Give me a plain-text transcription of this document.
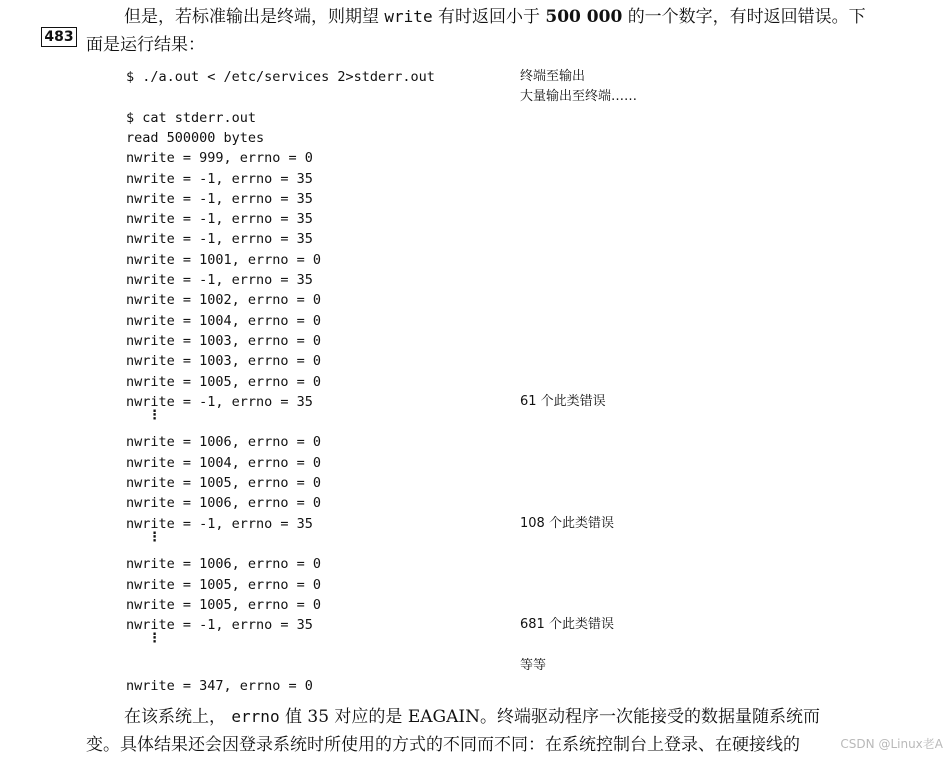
但是，若标准输出是终端，则期望 write 有时返回小于 500 000 的一个数字，有时返回错误。下
483 面是运行结果：
$ ./a.out < /etc/services 2>stderr.out	终端至输出
大量输出至终端……
$ cat stderr.out
read 500000 bytes
nwrite = 999, errno = 0
nwrite = -1, errno = 35
nwrite = -1, errno = 35
nwrite = -1, errno = 35
nwrite = -1, errno = 35
nwrite = 1001, errno = 0
nwrite = -1, errno = 35
nwrite = 1002, errno = 0
nwrite = 1004, errno = 0
nwrite = 1003, errno = 0
nwrite = 1003, errno = 0
nwrite = 1005, errno = 0
nwrite = -1, errno = 35	61 个此类错误
⋮
nwrite = 1006, errno = 0
nwrite = 1004, errno = 0
nwrite = 1005, errno = 0
nwrite = 1006, errno = 0
nwrite = -1, errno = 35	108 个此类错误
⋮
nwrite = 1006, errno = 0
nwrite = 1005, errno = 0
nwrite = 1005, errno = 0
nwrite = -1, errno = 35	681 个此类错误
⋮
等等
nwrite = 347, errno = 0
在该系统上， errno 值 35 对应的是 EAGAIN。终端驱动程序一次能接受的数据量随系统而
变。具体结果还会因登录系统时所使用的方式的不同而不同：在系统控制台上登录、在硬接线的	CSDN @Linux老A
